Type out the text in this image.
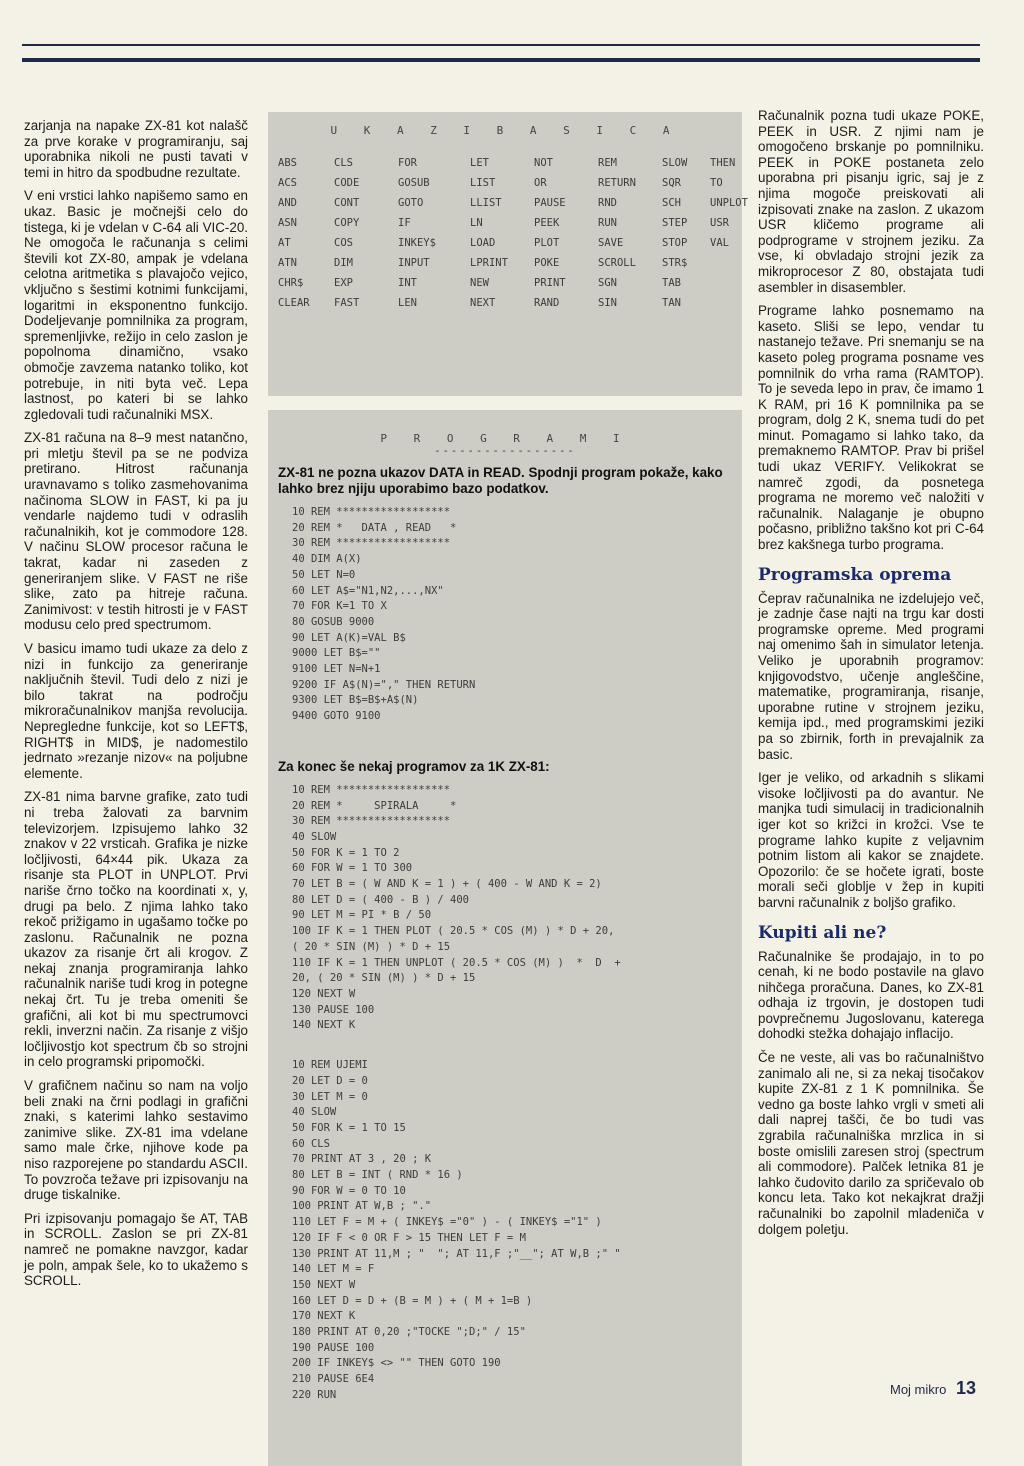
zarjanja na napake ZX-81 kot nalašč za prve korake v programiranju, saj uporabnika nikoli ne pusti tavati v temi in hitro da spodbudne rezultate.

V eni vrstici lahko napišemo samo en ukaz. Basic je močnejši celo do tistega, ki je vdelan v C-64 ali VIC-20. Ne omogoča le računanja s celimi števili kot ZX-80, ampak je vdelana celotna aritmetika s plavajočo vejico, vključno s šestimi kotnimi funkcijami, logaritmi in eksponentno funkcijo. Dodeljevanje pomnilnika za program, spremenljivke, režijo in celo zaslon je popolnoma dinamično, vsako območje zavzema natanko toliko, kot potrebuje, in niti byta več. Lepa lastnost, po kateri bi se lahko zgledovali tudi računalniki MSX.

ZX-81 računa na 8–9 mest natančno, pri mletju števil pa se ne podviza pretirano. Hitrost računanja uravnavamo s toliko zasmehovanima načinoma SLOW in FAST, ki pa ju vendarle najdemo tudi v odraslih računalnikih, kot je commodore 128. V načinu SLOW procesor računa le takrat, kadar ni zaseden z generiranjem slike. V FAST ne riše slike, zato pa hitreje računa. Zanimivost: v testih hitrosti je v FAST modusu celo pred spectrumom.

V basicu imamo tudi ukaze za delo z nizi in funkcijo za generiranje naključnih števil. Tudi delo z nizi je bilo takrat na področju mikroračunalnikov manjša revolucija. Nepregledne funkcije, kot so LEFT$, RIGHT$ in MID$, je nadomestilo jedrnato »rezanje nizov« na poljubne elemente.

ZX-81 nima barvne grafike, zato tudi ni treba žalovati za barvnim televizorjem. Izpisujemo lahko 32 znakov v 22 vrsticah. Grafika je nizke ločljivosti, 64×44 pik. Ukaza za risanje sta PLOT in UNPLOT. Prvi nariše črno točko na koordinati x, y, drugi pa belo. Z njima lahko tako rekoč prižigamo in ugašamo točke po zaslonu. Računalnik ne pozna ukazov za risanje črt ali krogov. Z nekaj znanja programiranja lahko računalnik nariše tudi krog in potegne nekaj črt. Tu je treba omeniti še grafični, ali kot bi mu spectrumovci rekli, inverzni način. Za risanje z višjo ločljivostjo kot spectrum čb so strojni in celo programski pripomočki.

V grafičnem načinu so nam na voljo beli znaki na črni podlagi in grafični znaki, s katerimi lahko sestavimo zanimive slike. ZX-81 ima vdelane samo male črke, njihove kode pa niso razporejene po standardu ASCII. To povzroča težave pri izpisovanju na druge tiskalnike.

Pri izpisovanju pomagajo še AT, TAB in SCROLL. Zaslon se pri ZX-81 namreč ne pomakne navzgor, kadar je poln, ampak šele, ko to ukažemo s SCROLL.

U K A Z I B A S I C A
ABS	CLS	FOR	LET	NOT	REM	SLOW	THEN
ACS	CODE	GOSUB	LIST	OR	RETURN	SQR	TO
AND	CONT	GOTO	LLIST	PAUSE	RND	SCH	UNPLOT
ASN	COPY	IF	LN	PEEK	RUN	STEP	USR
AT	COS	INKEY$	LOAD	PLOT	SAVE	STOP	VAL
ATN	DIM	INPUT	LPRINT	POKE	SCROLL	STR$
CHR$	EXP	INT	NEW	PRINT	SGN	TAB
CLEAR	FAST	LEN	NEXT	RAND	SIN	TAN
P R O G R A M I
-----------------
ZX-81 ne pozna ukazov DATA in READ. Spodnji program pokaže, kako lahko brez njiju uporabimo bazo podatkov.
10 REM ******************
20 REM *   DATA , READ   *
30 REM ******************
40 DIM A(X)
50 LET N=0
60 LET A$="N1,N2,...,NX"
70 FOR K=1 TO X
80 GOSUB 9000
90 LET A(K)=VAL B$
9000 LET B$=""
9100 LET N=N+1
9200 IF A$(N)="," THEN RETURN
9300 LET B$=B$+A$(N)
9400 GOTO 9100
Za konec še nekaj programov za 1K ZX-81:
10 REM ******************
20 REM *     SPIRALA     *
30 REM ******************
40 SLOW
50 FOR K = 1 TO 2
60 FOR W = 1 TO 300
70 LET B = ( W AND K = 1 ) + ( 400 - W AND K = 2)
80 LET D = ( 400 - B ) / 400
90 LET M = PI * B / 50
100 IF K = 1 THEN PLOT ( 20.5 * COS (M) ) * D + 20,
( 20 * SIN (M) ) * D + 15
110 IF K = 1 THEN UNPLOT ( 20.5 * COS (M) )  *  D  +
20, ( 20 * SIN (M) ) * D + 15
120 NEXT W
130 PAUSE 100
140 NEXT K
10 REM UJEMI
20 LET D = 0
30 LET M = 0
40 SLOW
50 FOR K = 1 TO 15
60 CLS
70 PRINT AT 3 , 20 ; K
80 LET B = INT ( RND * 16 )
90 FOR W = 0 TO 10
100 PRINT AT W,B ; "."
110 LET F = M + ( INKEY$ ="0" ) - ( INKEY$ ="1" )
120 IF F < 0 OR F > 15 THEN LET F = M
130 PRINT AT 11,M ; "  "; AT 11,F ;"__"; AT W,B ;" "
140 LET M = F
150 NEXT W
160 LET D = D + (B = M ) + ( M + 1=B )
170 NEXT K
180 PRINT AT 0,20 ;"TOCKE ";D;" / 15"
190 PAUSE 100
200 IF INKEY$ <> "" THEN GOTO 190
210 PAUSE 6E4
220 RUN

Računalnik pozna tudi ukaze POKE, PEEK in USR. Z njimi nam je omogočeno brskanje po pomnilniku. PEEK in POKE postaneta zelo uporabna pri pisanju igric, saj je z njima mogoče preiskovati ali izpisovati znake na zaslon. Z ukazom USR kličemo programe ali podprograme v strojnem jeziku. Za vse, ki obvladajo strojni jezik za mikroprocesor Z 80, obstajata tudi asembler in disasembler.

Programe lahko posnemamo na kaseto. Sliši se lepo, vendar tu nastanejo težave. Pri snemanju se na kaseto poleg programa posname ves pomnilnik do vrha rama (RAMTOP). To je seveda lepo in prav, če imamo 1 K RAM, pri 16 K pomnilnika pa se program, dolg 2 K, snema tudi do pet minut. Pomagamo si lahko tako, da premaknemo RAMTOP. Prav bi prišel tudi ukaz VERIFY. Velikokrat se namreč zgodi, da posnetega programa ne moremo več naložiti v računalnik. Nalaganje je obupno počasno, približno takšno kot pri C-64 brez kakšnega turbo programa.

Programska oprema

Čeprav računalnika ne izdelujejo več, je zadnje čase najti na trgu kar dosti programske opreme. Med programi naj omenimo šah in simulator letenja. Veliko je uporabnih programov: knjigovodstvo, učenje angleščine, matematike, programiranja, risanje, uporabne rutine v strojnem jeziku, kemija ipd., med programskimi jeziki pa so zbirnik, forth in prevajalnik za basic.

Iger je veliko, od arkadnih s slikami visoke ločljivosti pa do avantur. Ne manjka tudi simulacij in tradicionalnih iger kot so križci in krožci. Vse te programe lahko kupite z veljavnim potnim listom ali kakor se znajdete. Opozorilo: če se hočete igrati, boste morali seči globlje v žep in kupiti barvni računalnik z boljšo grafiko.

Kupiti ali ne?

Računalnike še prodajajo, in to po cenah, ki ne bodo postavile na glavo nihčega proračuna. Danes, ko ZX-81 odhaja iz trgovin, je dostopen tudi povprečnemu Jugoslovanu, katerega dohodki stežka dohajajo inflacijo.

Če ne veste, ali vas bo računalništvo zanimalo ali ne, si za nekaj tisočakov kupite ZX-81 z 1 K pomnilnika. Še vedno ga boste lahko vrgli v smeti ali dali naprej tašči, če bo tudi vas zgrabila računalniška mrzlica in si boste omislili zaresen stroj (spectrum ali commodore). Palček letnika 81 je lahko čudovito darilo za spričevalo ob koncu leta. Tako kot nekajkrat dražji računalniki bo zapolnil mladeniča v dolgem poletju.

Moj mikro 13
